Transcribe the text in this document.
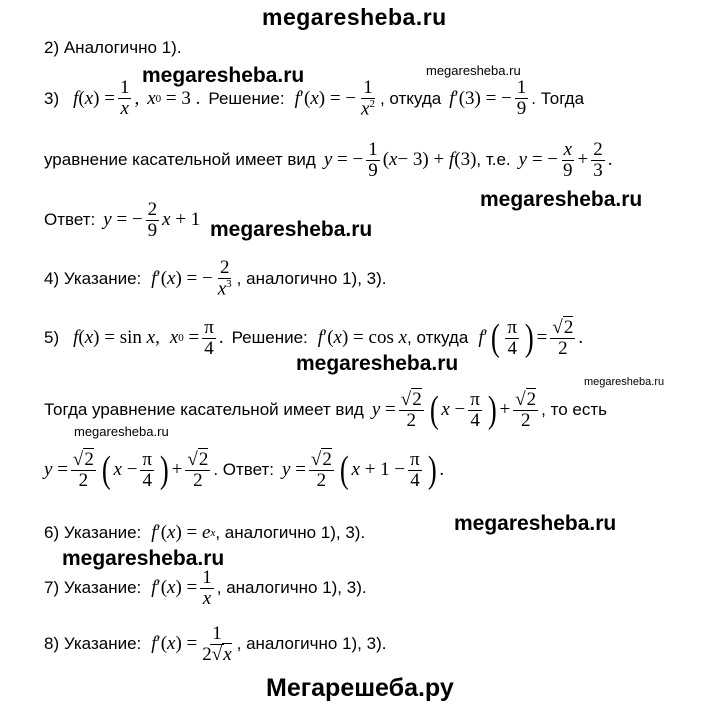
megaresheba.ru
2) Аналогично 1).
3) f ( x ) = $\frac{1}{x}$ , x 0 = 3 . Решение: f ′( x ) = − $\frac{1}{x^2}$ , откуда f ′(3) = − $\frac{1}{9}$ . Тогда
уравнение касательной имеет вид y = − $\frac{1}{9}$ ( x − 3) + f (3) , т.е. y = − $\frac{x}{9} + \frac{2}{3}$ .
Ответ: y = − $\frac{2}{9}$ x + 1
4) Указание: f ′( x ) = − $\frac{2}{x^3}$ , аналогично 1), 3).
5) f ( x ) = sin x , x $0 = \frac{\pi}{4}$ . Решение: f ′( x ) = cos x , откуда f ′ ( $\frac{\pi}{4}$ ) = $\frac{√2}{2}$ .
Тогда уравнение касательной имеет вид $y = \frac{√2}{2}$ ( $x - \frac{\pi}{4}$ ) + $\frac{√2}{2}$ , то есть
$y = \frac{√2}{2}$ ( $x - \frac{\pi}{4}$ ) + $\frac{√2}{2}$ . Ответ: $y = \frac{√2}{2}$ ( $x + 1 - \frac{\pi}{4}$ ) .
6) Указание: f ′( x ) = e x , аналогично 1), 3).
7) Указание: f ′( x ) = $\frac{1}{x}$ , аналогично 1), 3).
8) Указание: f ′( x ) = $\frac{1}{2√x}$ , аналогично 1), 3).
megaresheba.ru	megaresheba.ru
megaresheba.ru
megaresheba.ru
megaresheba.ru
megaresheba.ru
megaresheba.ru
megaresheba.ru
megaresheba.ru
Мегарешеба.ру
